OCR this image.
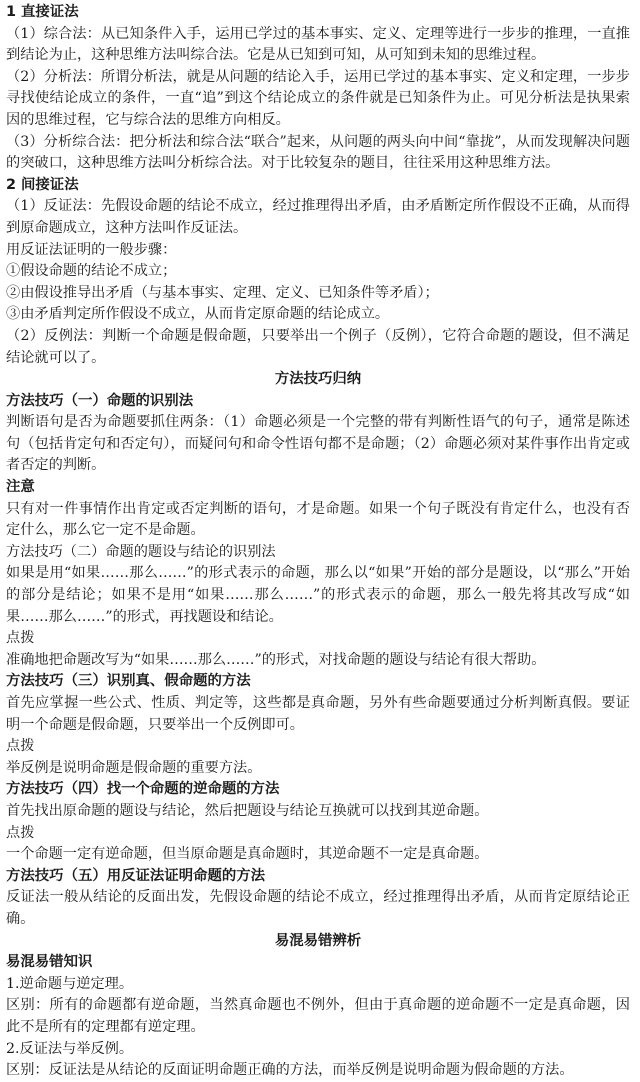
1 直接证法

（1）综合法：从已知条件入手，运用已学过的基本事实、定义、定理等进行一步步的推理，一直推到结论为止，这种思维方法叫综合法。它是从已知到可知，从可知到未知的思维过程。

（2）分析法：所谓分析法，就是从问题的结论入手，运用已学过的基本事实、定义和定理，一步步寻找使结论成立的条件，一直“追”到这个结论成立的条件就是已知条件为止。可见分析法是执果索因的思维过程，它与综合法的思维方向相反。

（3）分析综合法：把分析法和综合法“联合”起来，从问题的两头向中间“靠拢”，从而发现解决问题的突破口，这种思维方法叫分析综合法。对于比较复杂的题目，往往采用这种思维方法。

2 间接证法

（1）反证法：先假设命题的结论不成立，经过推理得出矛盾，由矛盾断定所作假设不正确，从而得到原命题成立，这种方法叫作反证法。

用反证法证明的一般步骤：

①假设命题的结论不成立；

②由假设推导出矛盾（与基本事实、定理、定义、已知条件等矛盾）；

③由矛盾判定所作假设不成立，从而肯定原命题的结论成立。

（2）反例法：判断一个命题是假命题，只要举出一个例子（反例），它符合命题的题设，但不满足结论就可以了。

方法技巧归纳

方法技巧（一）命题的识别法

判断语句是否为命题要抓住两条：（1）命题必须是一个完整的带有判断性语气的句子，通常是陈述句（包括肯定句和否定句），而疑问句和命令性语句都不是命题；（2）命题必须对某件事作出肯定或者否定的判断。

注意

只有对一件事情作出肯定或否定判断的语句，才是命题。如果一个句子既没有肯定什么，也没有否定什么，那么它一定不是命题。

方法技巧（二）命题的题设与结论的识别法

如果是用“如果……那么……”的形式表示的命题，那么以“如果”开始的部分是题设，以“那么”开始的部分是结论；如果不是用“如果……那么……”的形式表示的命题，那么一般先将其改写成“如果……那么……”的形式，再找题设和结论。

点拨

准确地把命题改写为“如果……那么……”的形式，对找命题的题设与结论有很大帮助。

方法技巧（三）识别真、假命题的方法

首先应掌握一些公式、性质、判定等，这些都是真命题，另外有些命题要通过分析判断真假。要证明一个命题是假命题，只要举出一个反例即可。

点拨

举反例是说明命题是假命题的重要方法。

方法技巧（四）找一个命题的逆命题的方法

首先找出原命题的题设与结论，然后把题设与结论互换就可以找到其逆命题。

点拨

一个命题一定有逆命题，但当原命题是真命题时，其逆命题不一定是真命题。

方法技巧（五）用反证法证明命题的方法

反证法一般从结论的反面出发，先假设命题的结论不成立，经过推理得出矛盾，从而肯定原结论正确。

易混易错辨析

易混易错知识

1.逆命题与逆定理。

区别：所有的命题都有逆命题，当然真命题也不例外，但由于真命题的逆命题不一定是真命题，因此不是所有的定理都有逆定理。

2.反证法与举反例。

区别：反证法是从结论的反面证明命题正确的方法，而举反例是说明命题为假命题的方法。
